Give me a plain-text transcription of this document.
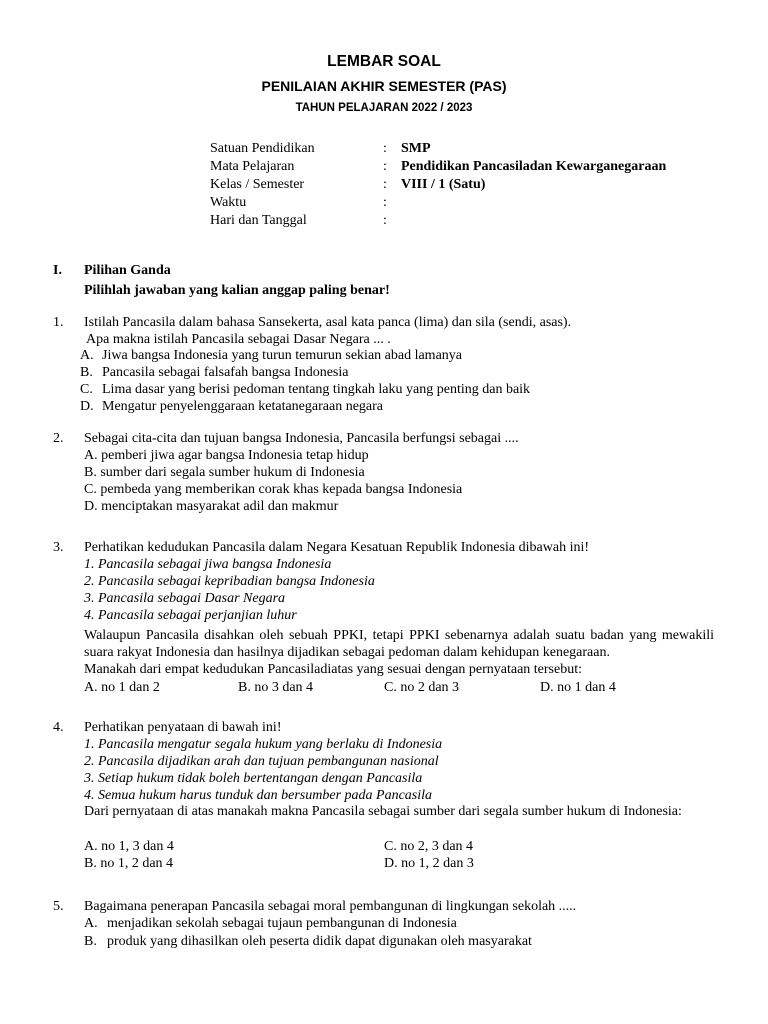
LEMBAR SOAL
PENILAIAN AKHIR SEMESTER (PAS)
TAHUN PELAJARAN 2022 / 2023
Satuan Pendidikan	: SMP
Mata Pelajaran	: Pendidikan Pancasiladan Kewarganegaraan
Kelas / Semester	: VIII / 1 (Satu)
Waktu	:
Hari dan Tanggal	:
I. Pilihan Ganda
Pilihlah jawaban yang kalian anggap paling benar!
1. Istilah Pancasila dalam bahasa Sansekerta, asal kata panca (lima) dan sila (sendi, asas).
Apa makna istilah Pancasila sebagai Dasar Negara ... .
A. Jiwa bangsa Indonesia yang turun temurun sekian abad lamanya
B. Pancasila sebagai falsafah bangsa Indonesia
C. Lima dasar yang berisi pedoman tentang tingkah laku yang penting dan baik
D. Mengatur penyelenggaraan ketatanegaraan negara
2. Sebagai cita-cita dan tujuan bangsa Indonesia, Pancasila berfungsi sebagai ....
A. pemberi jiwa agar bangsa Indonesia tetap hidup
B. sumber dari segala sumber hukum di Indonesia
C. pembeda yang memberikan corak khas kepada bangsa Indonesia
D. menciptakan masyarakat adil dan makmur
3. Perhatikan kedudukan Pancasila dalam Negara Kesatuan Republik Indonesia dibawah ini!
1. Pancasila sebagai jiwa bangsa Indonesia
2. Pancasila sebagai kepribadian bangsa Indonesia
3. Pancasila sebagai Dasar Negara
4. Pancasila sebagai perjanjian luhur
Walaupun Pancasila disahkan oleh sebuah PPKI, tetapi PPKI sebenarnya adalah suatu badan yang mewakili suara rakyat Indonesia dan hasilnya dijadikan sebagai pedoman dalam kehidupan kenegaraan.
Manakah dari empat kedudukan Pancasiladiatas yang sesuai dengan pernyataan tersebut:
A. no 1 dan 2	B. no 3 dan 4	C. no 2 dan 3	D. no 1 dan 4
4. Perhatikan penyataan di bawah ini!
1. Pancasila mengatur segala hukum yang berlaku di Indonesia
2. Pancasila dijadikan arah dan tujuan pembangunan nasional
3. Setiap hukum tidak boleh bertentangan dengan Pancasila
4. Semua hukum harus tunduk dan bersumber pada Pancasila
Dari pernyataan di atas manakah makna Pancasila sebagai sumber dari segala sumber hukum di Indonesia:
A. no 1, 3 dan 4
B. no 1, 2 dan 4
C. no 2, 3 dan 4
D. no 1, 2 dan 3
5. Bagaimana penerapan Pancasila sebagai moral pembangunan di lingkungan sekolah .....
A. menjadikan sekolah sebagai tujaun pembangunan di Indonesia
B. produk yang dihasilkan oleh peserta didik dapat digunakan oleh masyarakat
